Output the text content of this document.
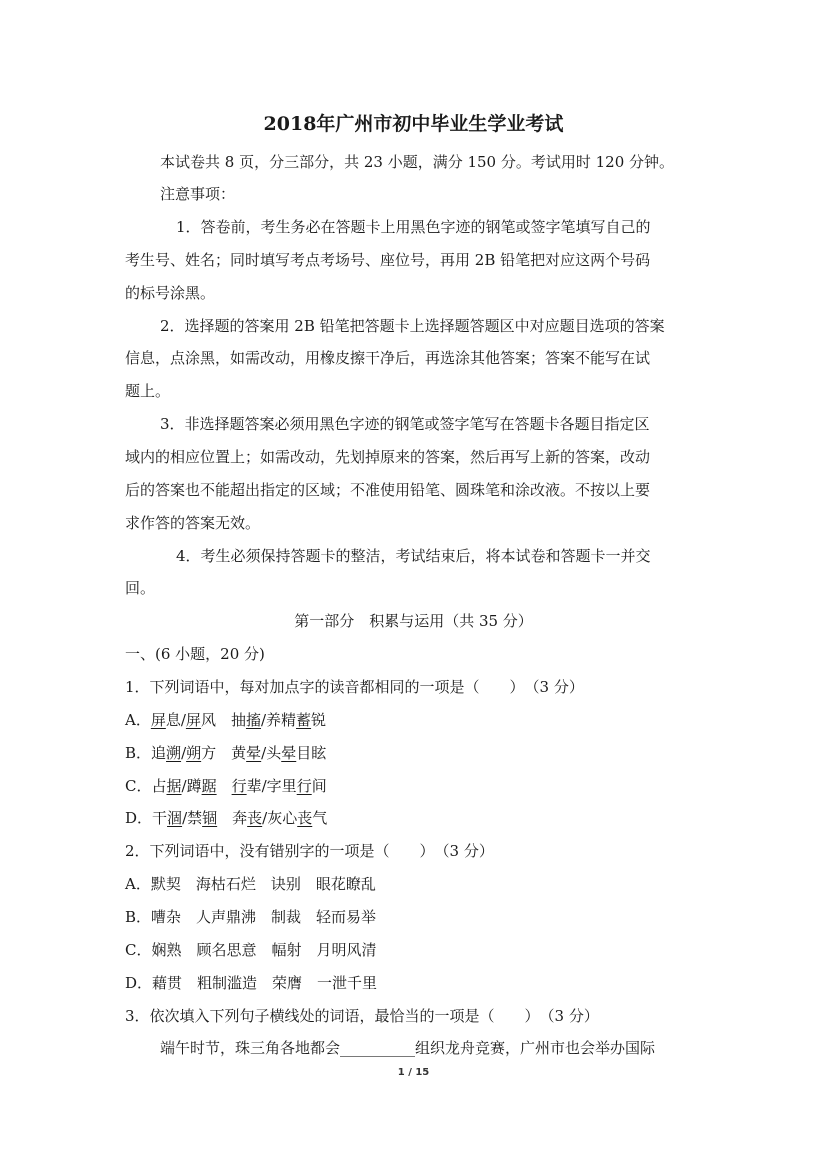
2018年广州市初中毕业生学业考试
本试卷共 8 页，分三部分，共 23 小题，满分 150 分。考试用时 120 分钟。
注意事项：
1．答卷前，考生务必在答题卡上用黑色字迹的钢笔或签字笔填写自己的
考生号、姓名；同时填写考点考场号、座位号，再用 2B 铅笔把对应这两个号码
的标号涂黑。
2．选择题的答案用 2B 铅笔把答题卡上选择题答题区中对应题目选项的答案
信息，点涂黑，如需改动，用橡皮擦干净后，再选涂其他答案；答案不能写在试
题上。
3．非选择题答案必须用黑色字迹的钢笔或签字笔写在答题卡各题目指定区
域内的相应位置上；如需改动，先划掉原来的答案，然后再写上新的答案，改动
后的答案也不能超出指定的区域；不准使用铅笔、圆珠笔和涂改液。不按以上要
求作答的答案无效。
4．考生必须保持答题卡的整洁，考试结束后，将本试卷和答题卡一并交
回。
第一部分　积累与运用（共 35 分）
一、(6 小题，20 分)
1．下列词语中，每对加点字的读音都相同的一项是（　　）　（3 分）
A．屏息/屏风　抽搐/养精蓄锐
B．追溯/朔方　黄晕/头晕目眩
C．占据/蹲踞　 行辈/字里行间
D．干涸/禁锢　奔丧/灰心丧气
2．下列词语中，没有错别字的一项是（　　）　（3 分）
A．默契　海枯石烂　诀别　眼花瞭乱
B．嘈杂　人声鼎沸　制裁　轻而易举
C．娴熟　顾名思意　幅射　月明风清
D．藉贯　粗制滥造　荣膺　一泄千里
3．依次填入下列句子横线处的词语，最恰当的一项是（　　）　（3 分）
端午时节，珠三角各地都会__________组织龙舟竞赛，广州市也会举办国际
1 / 15
